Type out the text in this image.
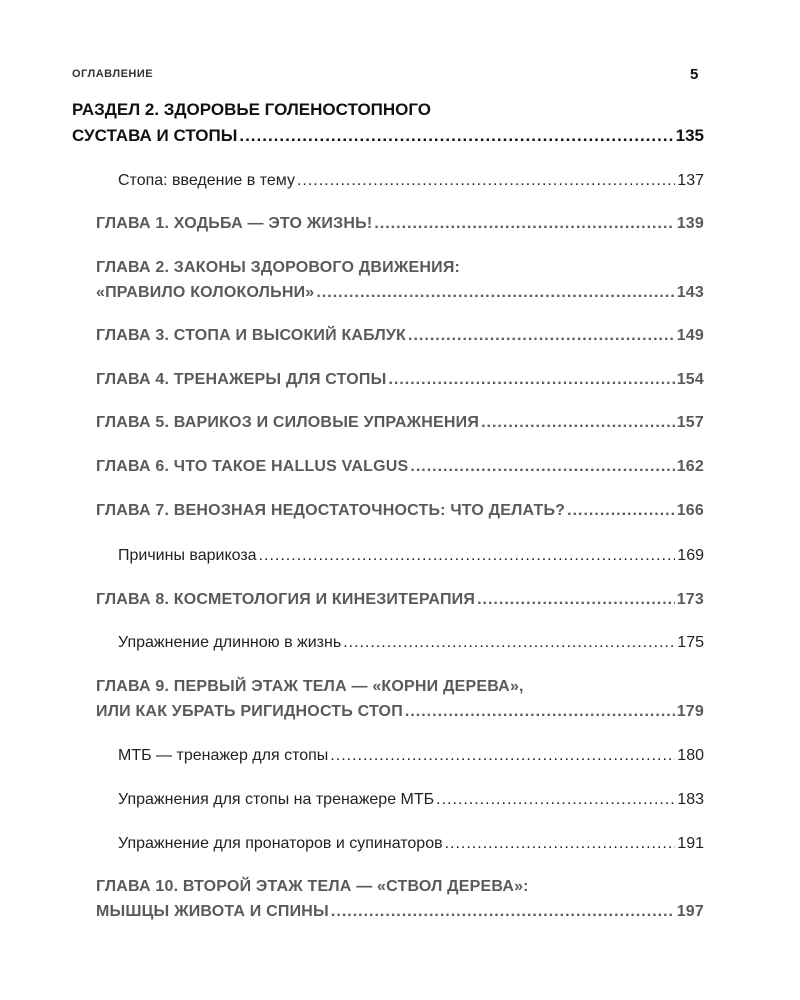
ОГЛАВЛЕНИЕ	5
РАЗДЕЛ 2. ЗДОРОВЬЕ ГОЛЕНОСТОПНОГО
СУСТАВА И СТОПЫ .....	135
Стопа: введение в тему .....	137
ГЛАВА 1. ХОДЬБА — ЭТО ЖИЗНЬ! .....	139
ГЛАВА 2. ЗАКОНЫ ЗДОРОВОГО ДВИЖЕНИЯ:
«ПРАВИЛО КОЛОКОЛЬНИ» .....	143
ГЛАВА 3. СТОПА И ВЫСОКИЙ КАБЛУК .....	149
ГЛАВА 4. ТРЕНАЖЕРЫ ДЛЯ СТОПЫ .....	154
ГЛАВА 5. ВАРИКОЗ И СИЛОВЫЕ УПРАЖНЕНИЯ .....	157
ГЛАВА 6. ЧТО ТАКОЕ HALLUS VALGUS .....	162
ГЛАВА 7. ВЕНОЗНАЯ НЕДОСТАТОЧНОСТЬ: ЧТО ДЕЛАТЬ? .....	166
Причины варикоза .....	169
ГЛАВА 8. КОСМЕТОЛОГИЯ И КИНЕЗИТЕРАПИЯ .....	173
Упражнение длинною в жизнь .....	175
ГЛАВА 9. ПЕРВЫЙ ЭТАЖ ТЕЛА — «КОРНИ ДЕРЕВА»,
ИЛИ КАК УБРАТЬ РИГИДНОСТЬ СТОП .....	179
МТБ — тренажер для стопы .....	180
Упражнения для стопы на тренажере МТБ .....	183
Упражнение для пронаторов и супинаторов .....	191
ГЛАВА 10. ВТОРОЙ ЭТАЖ ТЕЛА — «СТВОЛ ДЕРЕВА»:
МЫШЦЫ ЖИВОТА И СПИНЫ .....	197
